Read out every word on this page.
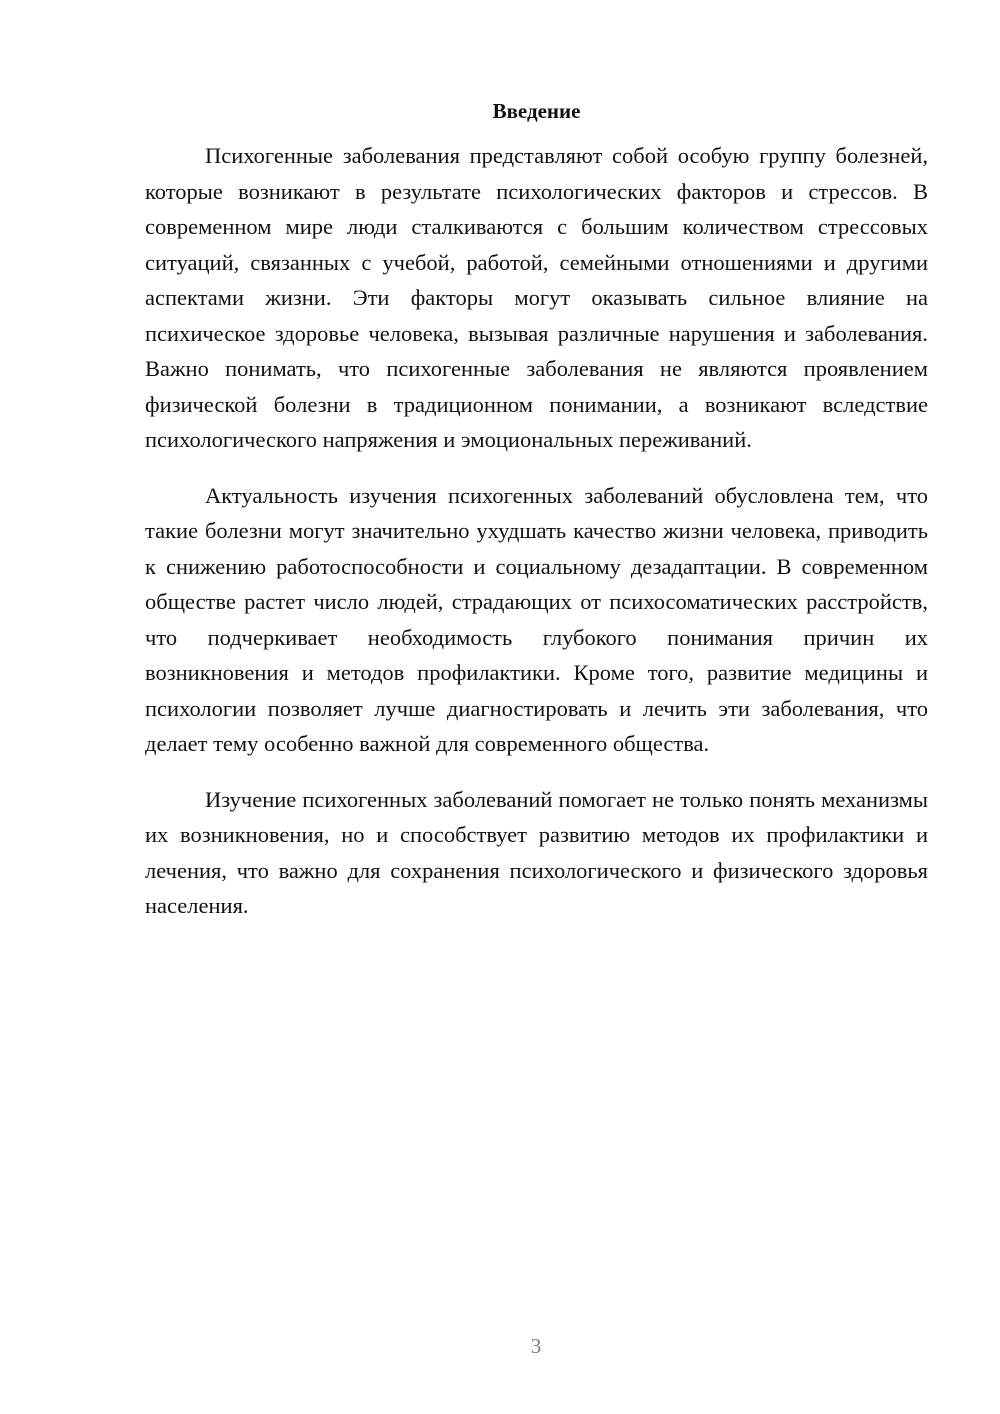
Введение

Психогенные заболевания представляют собой особую группу болезней, которые возникают в результате психологических факторов и стрессов. В современном мире люди сталкиваются с большим количеством стрессовых ситуаций, связанных с учебой, работой, семейными отношениями и другими аспектами жизни. Эти факторы могут оказывать сильное влияние на психическое здоровье человека, вызывая различные нарушения и заболевания. Важно понимать, что психогенные заболевания не являются проявлением физической болезни в традиционном понимании, а возникают вследствие психологического напряжения и эмоциональных переживаний.

Актуальность изучения психогенных заболеваний обусловлена тем, что такие болезни могут значительно ухудшать качество жизни человека, приводить к снижению работоспособности и социальному дезадаптации. В современном обществе растет число людей, страдающих от психосоматических расстройств, что подчеркивает необходимость глубокого понимания причин их возникновения и методов профилактики. Кроме того, развитие медицины и психологии позволяет лучше диагностировать и лечить эти заболевания, что делает тему особенно важной для современного общества.

Изучение психогенных заболеваний помогает не только понять механизмы их возникновения, но и способствует развитию методов их профилактики и лечения, что важно для сохранения психологического и физического здоровья населения.

3
